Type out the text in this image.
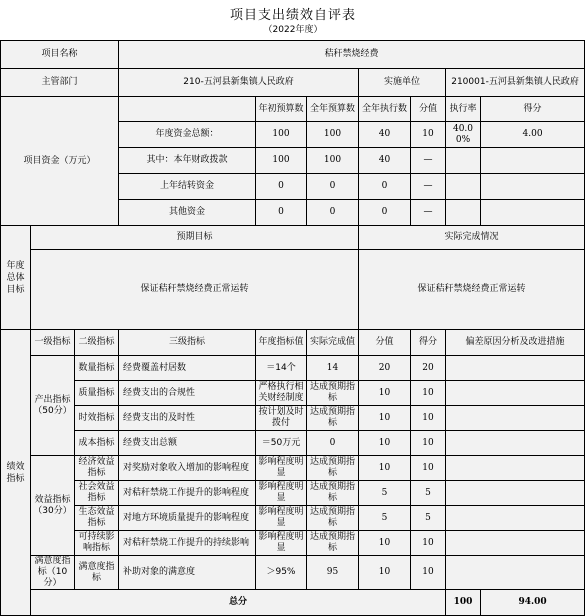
项目支出绩效自评表
（2022年度）
项目名称			秸秆禁烧经费							
主管部门			210-五河县新集镇人民政府			实施单位		210001-五河县新集镇人民政府		
项目资金（万元）				年初预算数	全年预算数	全年执行数	分值	执行率	得分	
			年度资金总额：	100	100	40	10	40.00%	4.00	
			其中：本年财政拨款	100	100	40	—			
			上年结转资金	0	0	0	—			
			其他资金	0	0	0	—			
年度总体目标	预期目标					实际完成情况				
	保证秸秆禁烧经费正常运转					保证秸秆禁烧经费正常运转				
绩效指标	一级指标	二级指标	三级指标	年度指标值	实际完成值	分值	得分	偏差原因分析及改进措施		
	产出指标（50分）	数量指标	经费覆盖村居数	＝14个	14	20	20			
		质量指标	经费支出的合规性	严格执行相关财经制度	达成预期指标	10	10			
		时效指标	经费支出的及时性	按计划及时拨付	达成预期指标	10	10			
		成本指标	经费支出总额	＝50万元	0	10	10			
	效益指标（30分）	经济效益指标	对奖励对象收入增加的影响程度	影响程度明显	达成预期指标	10	10			
		社会效益指标	对秸秆禁烧工作提升的影响程度	影响程度明显	达成预期指标	5	5			
		生态效益指标	对地方环境质量提升的影响程度	影响程度明显	达成预期指标	5	5			
		可持续影响指标	对秸秆禁烧工作提升的持续影响	影响程度明显	达成预期指标	10	10			
	满意度指标（10分）	满意度指标	补助对象的满意度	＞95%	95	10	10			
	总分							100	94.00	
